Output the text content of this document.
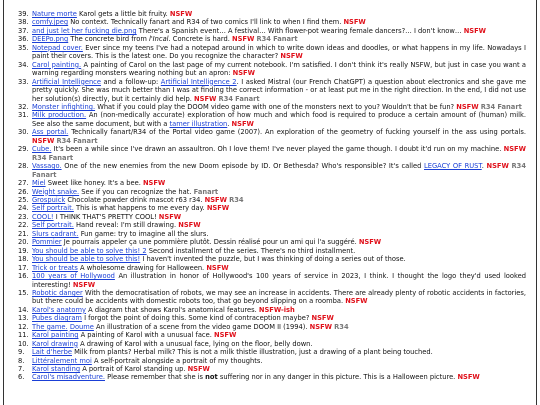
39. Nature morte Karol gets a little bit fruity. NSFW
38. comfy.jpeg No context. Technically fanart and R34 of two comics I'll link to when I find them. NSFW
37. and just let her fucking die.png There's a Spanish event… A festival… With flower-pot wearing female dancers?… I don't know… NSFW
36. DEEPo.png The concrete bird from l'Incal. Concrete is hard. NSFW R34 Fanart
35. Notepad cover. Ever since my teens I've had a notepad around in which to write down ideas and doodles, or what happens in my life. Nowadays I paint their covers. This is the latest one. Do you recognize the character? NSFW
34. Carol painting. A painting of Carol on the last page of my current notebook. I'm satisfied. I don't think it's really NSFW, but just in case you want a warning regarding monsters wearing nothing but an apron: NSFW
33. Artificial Intelligence and a follow-up: Artificial Intelligence 2. I asked Mistral (our French ChatGPT) a question about electronics and she gave me pretty quickly. She was much better than I was at finding the correct information - or at least put me in the right direction. In the end, I did not use her solution(s) directly, but it certainly did help. NSFW R34 Fanart
32. Monster infighting. What if you could play the DOOM video game with one of the monsters next to you? Wouldn't that be fun? NSFW R34 Fanart
31. Milk production. An (non-medically accurate) exploration of how much and which food is required to produce a certain amount of (human) milk. See also the same document, but with a tamer illustration. NSFW
30. Ass portal. Technically fanart/R34 of the Portal video game (2007). An exploration of the geometry of fucking yourself in the ass using portals. NSFW R34 Fanart
29. Cube. It's been a while since I've drawn an assaultron. Oh I love them! I've never played the game though. I doubt it'd run on my machine. NSFW R34 Fanart
28. Vassago. One of the new enemies from the new Doom episode by ID. Or Bethesda? Who's responsible? It's called LEGACY OF RUST. NSFW R34 Fanart
27. Miel Sweet like honey. It's a bee. NSFW
26. Weight snake. See if you can recognize the hat. Fanart
25. Grospuick Chocolate powder drink mascot r63 r34. NSFW R34
24. Self portrait. This is what happens to me every day. NSFW
23. COOL! I THINK THAT'S PRETTY COOL! NSFW
22. Self portrait. Hand reveal: I'm still drawing. NSFW
21. Slurs cadrant. Fun game: try to imagine all the slurs.
20. Pommier Je pourrais appeler ça une pommière plutôt. Dessin réalisé pour un ami qui l'a suggéré. NSFW
19. You should be able to solve this! 2 Second installment of the series. There's no third installment.
18. You should be able to solve this! I haven't invented the puzzle, but I was thinking of doing a series out of those.
17. Trick or treats A wholesome drawing for Halloween. NSFW
16. 100 years of Hollywood An illustration in honor of Hollywood's 100 years of service in 2023, I think. I thought the logo they'd used looked interesting! NSFW
15. Robotic danger With the democratisation of robots, we may see an increase in accidents. There are already plenty of robotic accidents in factories, but there could be accidents with domestic robots too, that go beyond slipping on a roomba. NSFW
14. Karol's anatomy A diagram that shows Karol's anatomical features. NSFW-ish
13. Pubes diagram I forgot the point of doing this. Some kind of contraception maybe? NSFW
12. The game. Doume An illustration of a scene from the video game DOOM II (1994). NSFW R34
11. Karol painting A painting of Karol with a unusual face. NSFW
10. Karol drawing A drawing of Karol with a unusual face, lying on the floor, belly down.
9. Lait d'herbe Milk from plants? Herbal milk? This is not a milk thistle illustration, just a drawing of a plant being touched.
8. Littéralement moi A self-portrait alongside a portrait of my thoughts.
7. Karol standing A portrait of Karol standing up. NSFW
6. Carol's misadventure. Please remember that she is not suffering nor in any danger in this picture. This is a Halloween picture. NSFW
